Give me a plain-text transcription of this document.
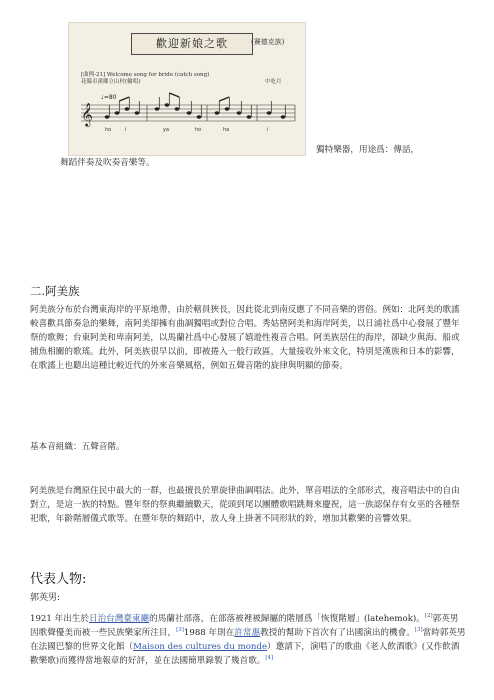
歡迎新娘之歌	(賽德克族)
[曲例-21] Welcome song for bride (catch song)
花縣卓溪鄉立山村(輪唱)	中吃月
𝄞
♩=80
ho	i	ya	ho	ha	i
獨特樂器，用途爲：傳話，
舞蹈伴奏及吹奏音樂等。
二.阿美族
阿美族分布於台灣東海岸的平原地帶，由於轄員狹長，因此從北到南反應了不同音樂的習俗。例如：北阿美的歌謠較喜歡具節奏急的樂舞，南阿美卻擁有曲調獨唱或對位合唱。秀姑巒阿美和海岸阿美，以日浦社爲中心發展了豐年祭的歌舞；台東阿美和卑南阿美，以馬蘭社爲中心發展了嬉遊性複音合唱。阿美族居住的海岸，卻缺少與海、船或捕魚相關的歌瑤。此外，阿美族很早以前，即被捲入一般行政區，大量接收外來文化，特別是漢族和日本的影響，在歌謠上也聽出這種比較近代的外來音樂風格，例如五聲音階的旋律與明顯的節奏。
基本音組織：五聲音階。
阿美族是台灣原住民中最大的一群，也最擅長於單旋律曲調唱法。此外，單音唱法的全部形式，複音唱法中的自由對立，是這一族的特點。豐年祭的祭典繼續數天，從頭到尾以團體歌唱跳舞來慶祝，這一族認保存有女巫的各種祭祀歌，年齡階層儀式歌等。在豐年祭的舞蹈中，放人身上掛著不同形狀的鈴，增加其歡樂的音響效果。
代表人物:
郭英男:
1921 年出生於日治台灣臺東廳的馬蘭社部落，在部落被裡被歸屬的階層爲「恢復階層」(latehemok)。[2]郭英男因歌聲優美而被一些民族樂家所注目，[3]1988 年則在許常惠教授的幫助下首次有了出國演出的機會。[3]當時郭英男在法國巴黎的世界文化館（Maison des cultures du monde）邀請下，演唱了的歌曲《老人飲酒歌》(又作飲酒歡樂歌)而獲得當地報章的好評，並在法國簡單錄製了幾首歌。[4]
